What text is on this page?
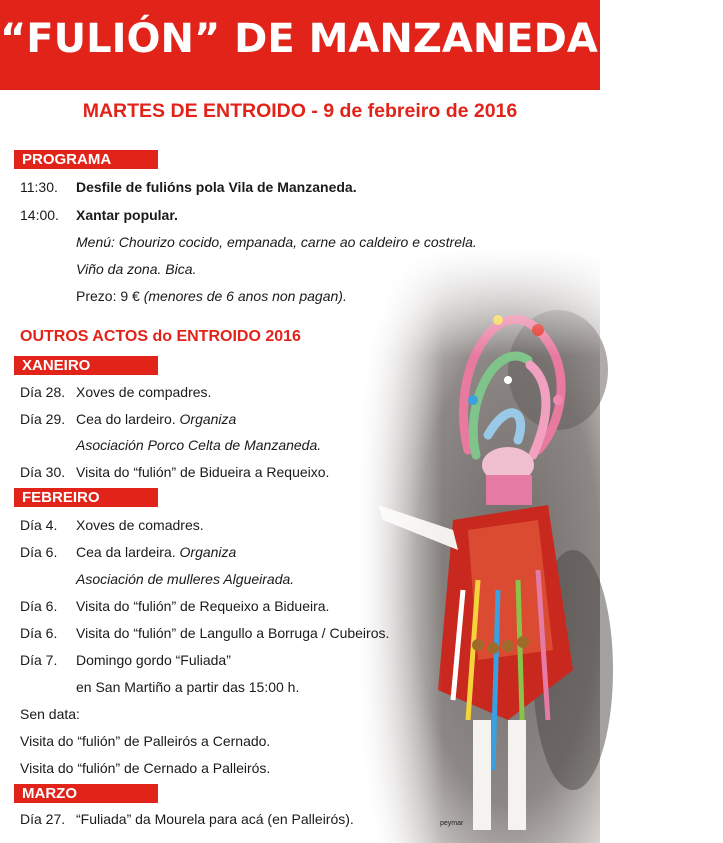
“FULIÓN” DE MANZANEDA 2016
MARTES DE ENTROIDO - 9 de febreiro de 2016
PROGRAMA
11:30. Desfile de fulións pola Vila de Manzaneda.
14:00. Xantar popular.
Menú: Chourizo cocido, empanada, carne ao caldeiro e costrela.
Viño da zona. Bica.
Prezo: 9 € (menores de 6 anos non pagan).
OUTROS ACTOS do ENTROIDO 2016
XANEIRO
Día 28. Xoves de compadres.
Día 29. Cea do lardeiro. Organiza
Asociación Porco Celta de Manzaneda.
Día 30. Visita do “fulión” de Bidueira a Requeixo.
FEBREIRO
Día 4. Xoves de comadres.
Día 6. Cea da lardeira. Organiza
Asociación de mulleres Algueirada.
Día 6. Visita do “fulión” de Requeixo a Bidueira.
Día 6. Visita do “fulión” de Langullo a Borruga / Cubeiros.
Día 7. Domingo gordo “Fuliada”
en San Martiño a partir das 15:00 h.
Sen data:
Visita do “fulión” de Palleirós a Cernado.
Visita do “fulión” de Cernado a Palleirós.
MARZO
Día 27. “Fuliada” da Mourela para acá (en Palleirós).	peymar
